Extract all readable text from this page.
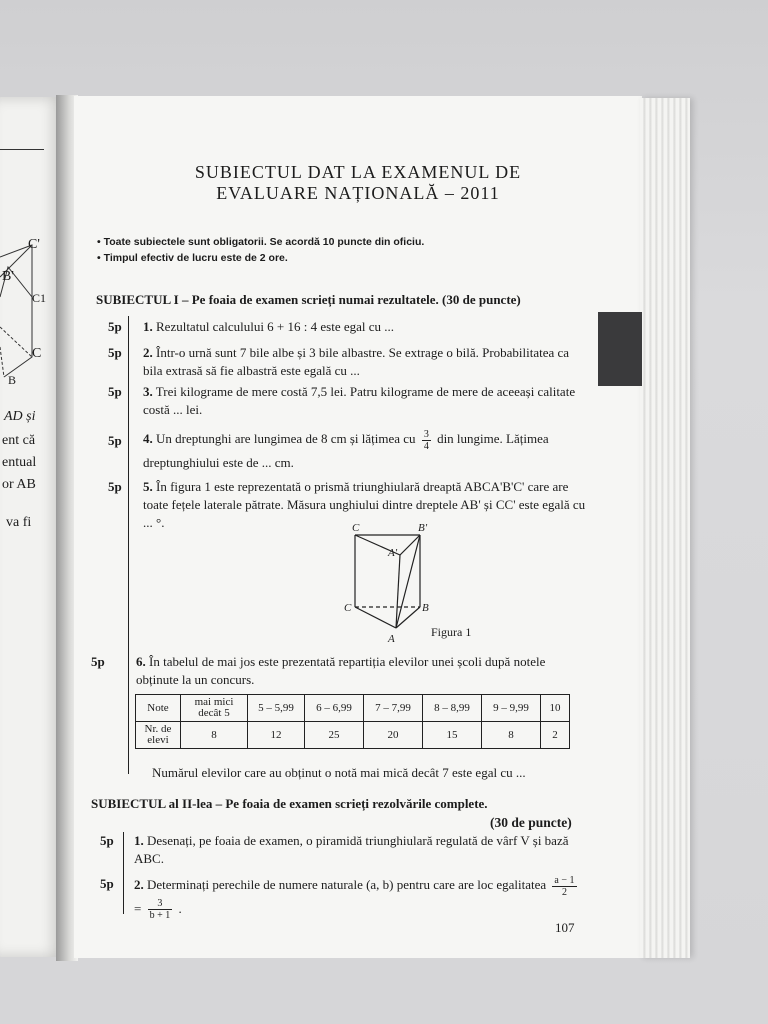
C'
B'
C1
C
B
AD și
ent că
entual
or AB
va fi
SUBIECTUL DAT LA EXAMENUL DE
EVALUARE NAȚIONALĂ – 2011
• Toate subiectele sunt obligatorii. Se acordă 10 puncte din oficiu.
• Timpul efectiv de lucru este de 2 ore.
SUBIECTUL I – Pe foaia de examen scrieți numai rezultatele. (30 de puncte)
5p 1. Rezultatul calculului 6 + 16 : 4 este egal cu ...
5p 2. Într-o urnă sunt 7 bile albe și 3 bile albastre. Se extrage o bilă. Probabilitatea ca bila extrasă să fie albastră este egală cu ...
5p 3. Trei kilograme de mere costă 7,5 lei. Patru kilograme de mere de aceeași calitate costă ... lei.
5p 4. Un dreptunghi are lungimea de 8 cm și lățimea cu $\frac{3}{4}$ din lungime. Lățimea dreptunghiului este de ... cm.
5p 5. În figura 1 este reprezentată o prismă triunghiulară dreaptă ABCA'B'C' care are toate fețele laterale pătrate. Măsura unghiului dintre dreptele AB' și CC' este egală cu ... °.	C	B'
A'
C	B
A	Figura 1
5p 6. În tabelul de mai jos este prezentată repartiția elevilor unei școli după notele obținute la un concurs.
Note	mai mici decât 5	5 – 5,99	6 – 6,99	7 – 7,99	8 – 8,99	9 – 9,99	10
Nr. de elevi	8	12	25	20	15	8	2
Numărul elevilor care au obținut o notă mai mică decât 7 este egal cu ...
SUBIECTUL al II-lea – Pe foaia de examen scrieți rezolvările complete.
(30 de puncte)
5p 1. Desenați, pe foaia de examen, o piramidă triunghiulară regulată de vârf V și bază ABC.
5p 2. Determinați perechile de numere naturale (a, b) pentru care are loc egalitatea $\frac{a - 1}{2}$
= $\frac{3}{b + 1}$ .
107
